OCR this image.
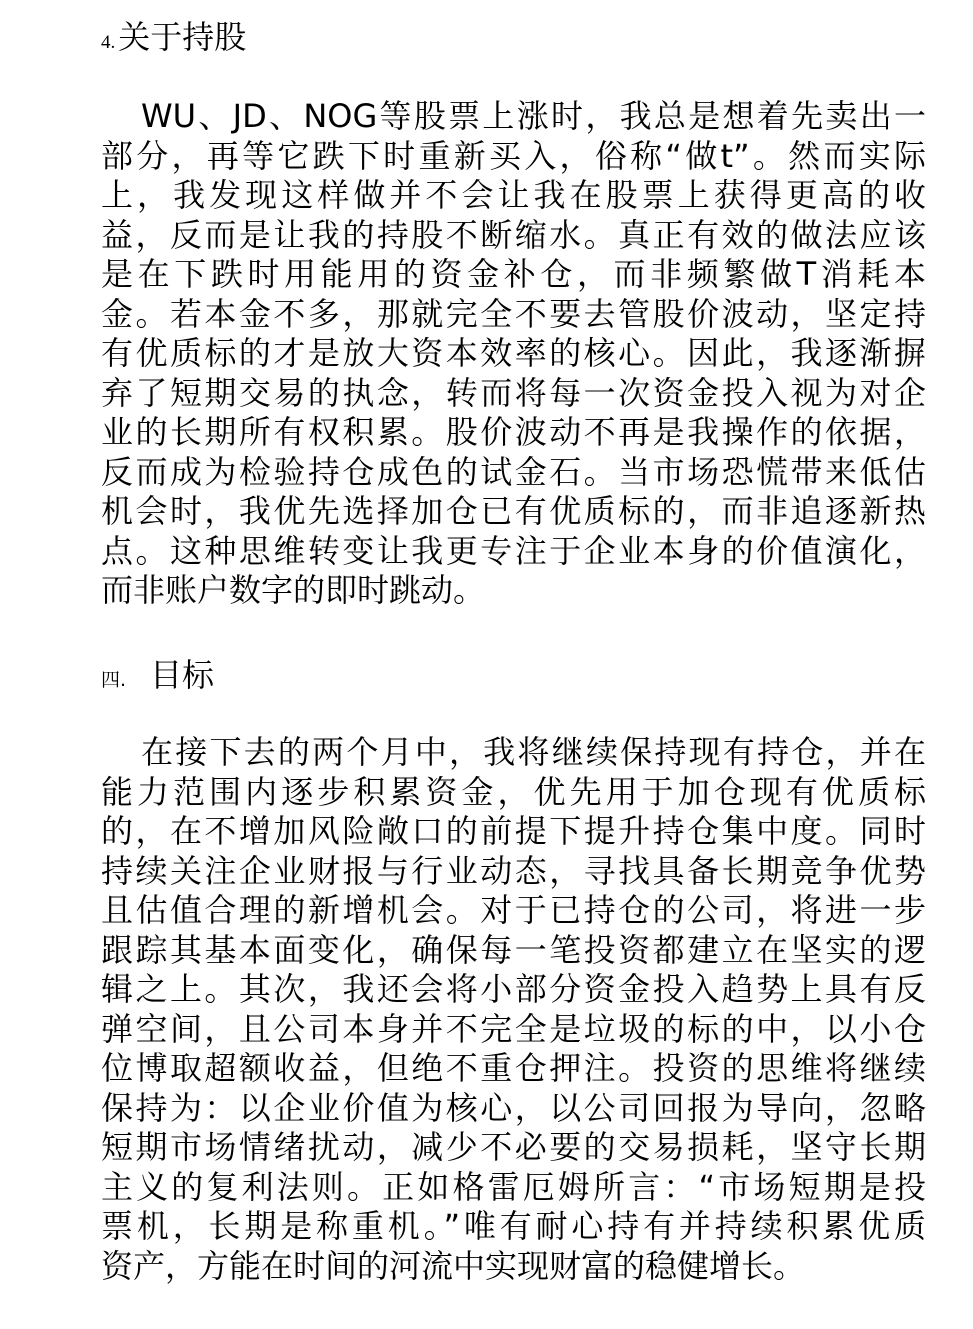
4. 关于持股
WU、JD、NOG等股票上涨时，我总是想着先卖出一
部分，再等它跌下时重新买入，俗称“做t”。然而实际
上，我发现这样做并不会让我在股票上获得更高的收
益，反而是让我的持股不断缩水。真正有效的做法应该
是在下跌时用能用的资金补仓，而非频繁做T消耗本
金。若本金不多，那就完全不要去管股价波动，坚定持
有优质标的才是放大资本效率的核心。因此，我逐渐摒
弃了短期交易的执念，转而将每一次资金投入视为对企
业的长期所有权积累。股价波动不再是我操作的依据，
反而成为检验持仓成色的试金石。当市场恐慌带来低估
机会时，我优先选择加仓已有优质标的，而非追逐新热
点。这种思维转变让我更专注于企业本身的价值演化，
而非账户数字的即时跳动。
四. 目标
在接下去的两个月中，我将继续保持现有持仓，并在
能力范围内逐步积累资金，优先用于加仓现有优质标
的，在不增加风险敞口的前提下提升持仓集中度。同时
持续关注企业财报与行业动态，寻找具备长期竞争优势
且估值合理的新增机会。对于已持仓的公司，将进一步
跟踪其基本面变化，确保每一笔投资都建立在坚实的逻
辑之上。其次，我还会将小部分资金投入趋势上具有反
弹空间，且公司本身并不完全是垃圾的标的中，以小仓
位博取超额收益，但绝不重仓押注。投资的思维将继续
保持为：以企业价值为核心，以公司回报为导向，忽略
短期市场情绪扰动，减少不必要的交易损耗，坚守长期
主义的复利法则。正如格雷厄姆所言：“市场短期是投
票机，长期是称重机。”唯有耐心持有并持续积累优质
资产，方能在时间的河流中实现财富的稳健增长。
